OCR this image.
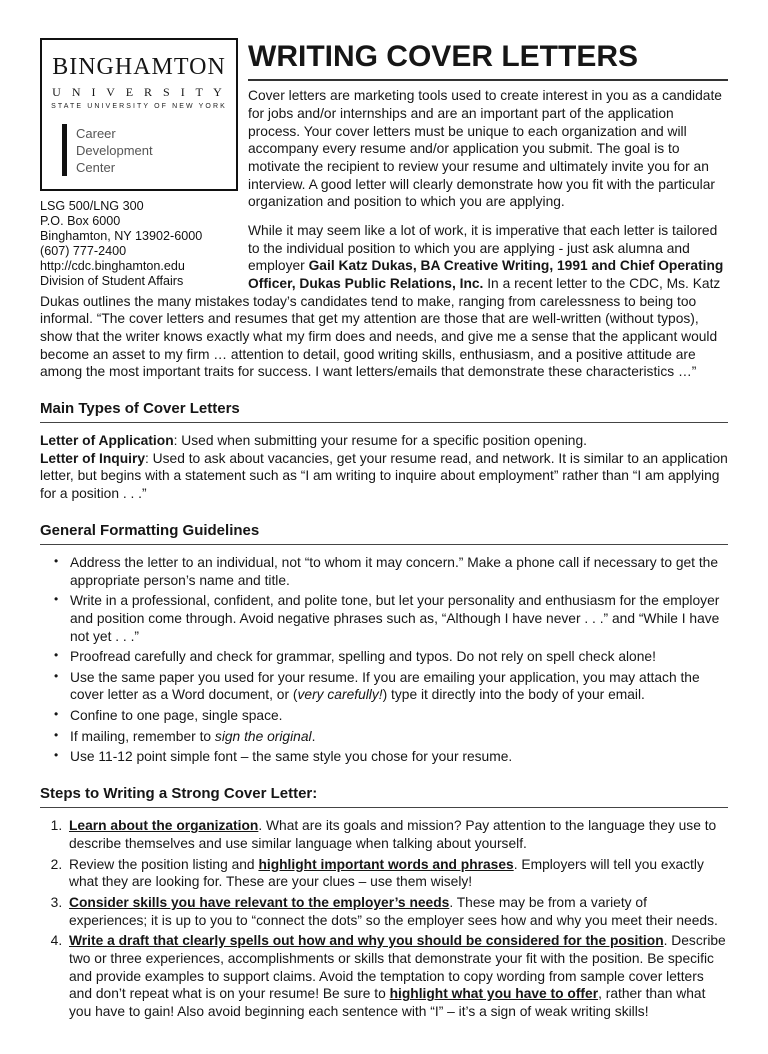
BINGHAMTON
U N I V E R S I T Y
STATE UNIVERSITY OF NEW YORK
Career
Development
Center
LSG 500/LNG 300
P.O. Box 6000
Binghamton, NY 13902-6000
(607) 777-2400
http://cdc.binghamton.edu
Division of Student Affairs
WRITING COVER LETTERS

Cover letters are marketing tools used to create interest in you as a candidate for jobs and/or internships and are an important part of the application process. Your cover letters must be unique to each organization and will accompany every resume and/or application you submit. The goal is to motivate the recipient to review your resume and ultimately invite you for an interview. A good letter will clearly demonstrate how you fit with the particular organization and position to which you are applying.

While it may seem like a lot of work, it is imperative that each letter is tailored to the individual position to which you are applying - just ask alumna and employer Gail Katz Dukas, BA Creative Writing, 1991 and Chief Operating Officer, Dukas Public Relations, Inc. In a recent letter to the CDC, Ms. Katz Dukas outlines the many mistakes today’s candidates tend to make, ranging from carelessness to being too informal. “The cover letters and resumes that get my attention are those that are well-written (without typos), show that the writer knows exactly what my firm does and needs, and give me a sense that the applicant would become an asset to my firm … attention to detail, good writing skills, enthusiasm, and a positive attitude are among the most important traits for success. I want letters/emails that demonstrate these characteristics …”

Main Types of Cover Letters

Letter of Application: Used when submitting your resume for a specific position opening.

Letter of Inquiry: Used to ask about vacancies, get your resume read, and network. It is similar to an application letter, but begins with a statement such as “I am writing to inquire about employment” rather than “I am applying for a position . . .”

General Formatting Guidelines
• Address the letter to an individual, not “to whom it may concern.” Make a phone call if necessary to get the appropriate person’s name and title.
• Write in a professional, confident, and polite tone, but let your personality and enthusiasm for the employer and position come through. Avoid negative phrases such as, “Although I have never . . .” and “While I have not yet . . .”
• Proofread carefully and check for grammar, spelling and typos. Do not rely on spell check alone!
• Use the same paper you used for your resume. If you are emailing your application, you may attach the cover letter as a Word document, or (very carefully!) type it directly into the body of your email.
• Confine to one page, single space.
• If mailing, remember to sign the original.
• Use 11-12 point simple font – the same style you chose for your resume.
Steps to Writing a Strong Cover Letter:
1. Learn about the organization. What are its goals and mission? Pay attention to the language they use to describe themselves and use similar language when talking about yourself.
2. Review the position listing and highlight important words and phrases. Employers will tell you exactly what they are looking for. These are your clues – use them wisely!
3. Consider skills you have relevant to the employer’s needs. These may be from a variety of experiences; it is up to you to “connect the dots” so the employer sees how and why you meet their needs.
4. Write a draft that clearly spells out how and why you should be considered for the position. Describe two or three experiences, accomplishments or skills that demonstrate your fit with the position. Be specific and provide examples to support claims. Avoid the temptation to copy wording from sample cover letters and don’t repeat what is on your resume! Be sure to highlight what you have to offer, rather than what you have to gain! Also avoid beginning each sentence with “I” – it’s a sign of weak writing skills!
